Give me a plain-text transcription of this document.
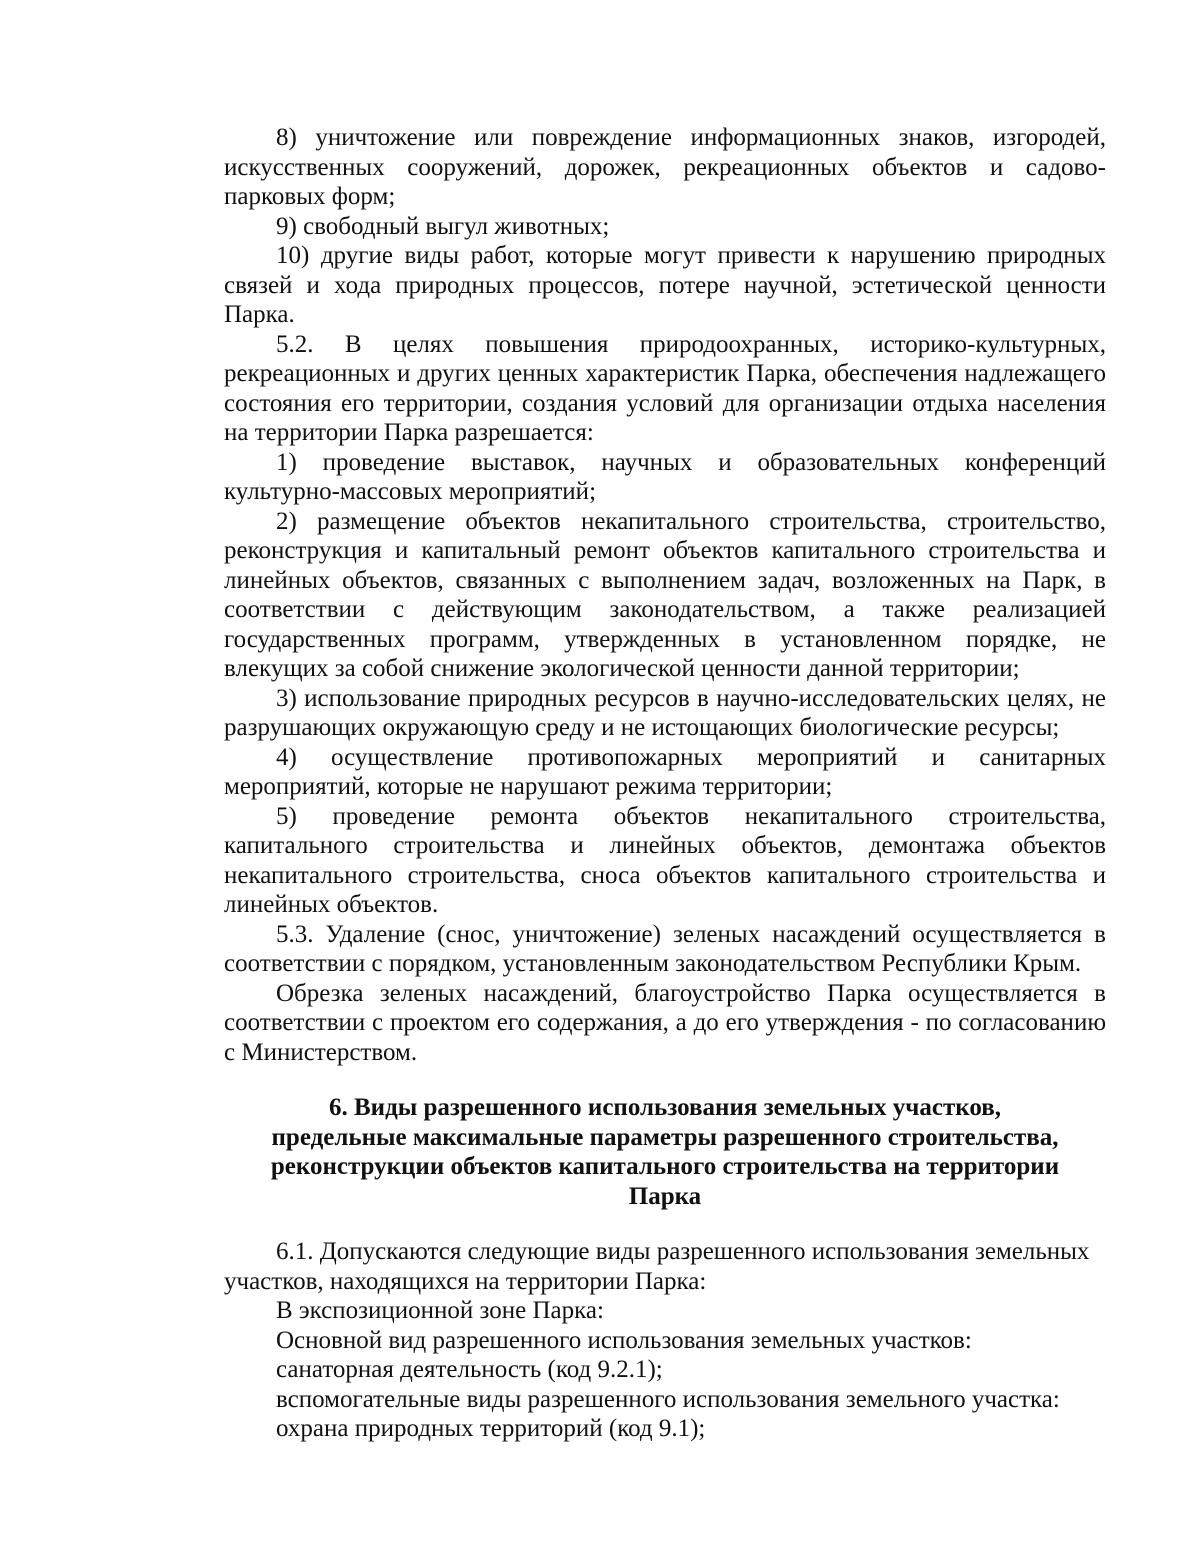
8) уничтожение или повреждение информационных знаков, изгородей, искусственных сооружений, дорожек, рекреационных объектов и садово-парковых форм;

9) свободный выгул животных;

10) другие виды работ, которые могут привести к нарушению природных связей и хода природных процессов, потере научной, эстетической ценности Парка.

5.2. В целях повышения природоохранных, историко-культурных, рекреационных и других ценных характеристик Парка, обеспечения надлежащего состояния его территории, создания условий для организации отдыха населения на территории Парка разрешается:

1) проведение выставок, научных и образовательных конференций культурно-массовых мероприятий;

2) размещение объектов некапитального строительства, строительство, реконструкция и капитальный ремонт объектов капитального строительства и линейных объектов, связанных с выполнением задач, возложенных на Парк, в соответствии с действующим законодательством, а также реализацией государственных программ, утвержденных в установленном порядке, не влекущих за собой снижение экологической ценности данной территории;

3) использование природных ресурсов в научно-исследовательских целях, не разрушающих окружающую среду и не истощающих биологические ресурсы;

4) осуществление противопожарных мероприятий и санитарных мероприятий, которые не нарушают режима территории;

5) проведение ремонта объектов некапитального строительства, капитального строительства и линейных объектов, демонтажа объектов некапитального строительства, сноса объектов капитального строительства и линейных объектов.

5.3. Удаление (снос, уничтожение) зеленых насаждений осуществляется в соответствии с порядком, установленным законодательством Республики Крым.

Обрезка зеленых насаждений, благоустройство Парка осуществляется в соответствии с проектом его содержания, а до его утверждения - по согласованию с Министерством.

6. Виды разрешенного использования земельных участков,
предельные максимальные параметры разрешенного строительства,
реконструкции объектов капитального строительства на территории
Парка

6.1. Допускаются следующие виды разрешенного использования земельных участков, находящихся на территории Парка:

В экспозиционной зоне Парка:

Основной вид разрешенного использования земельных участков:

санаторная деятельность (код 9.2.1);

вспомогательные виды разрешенного использования земельного участка:

охрана природных территорий (код 9.1);
